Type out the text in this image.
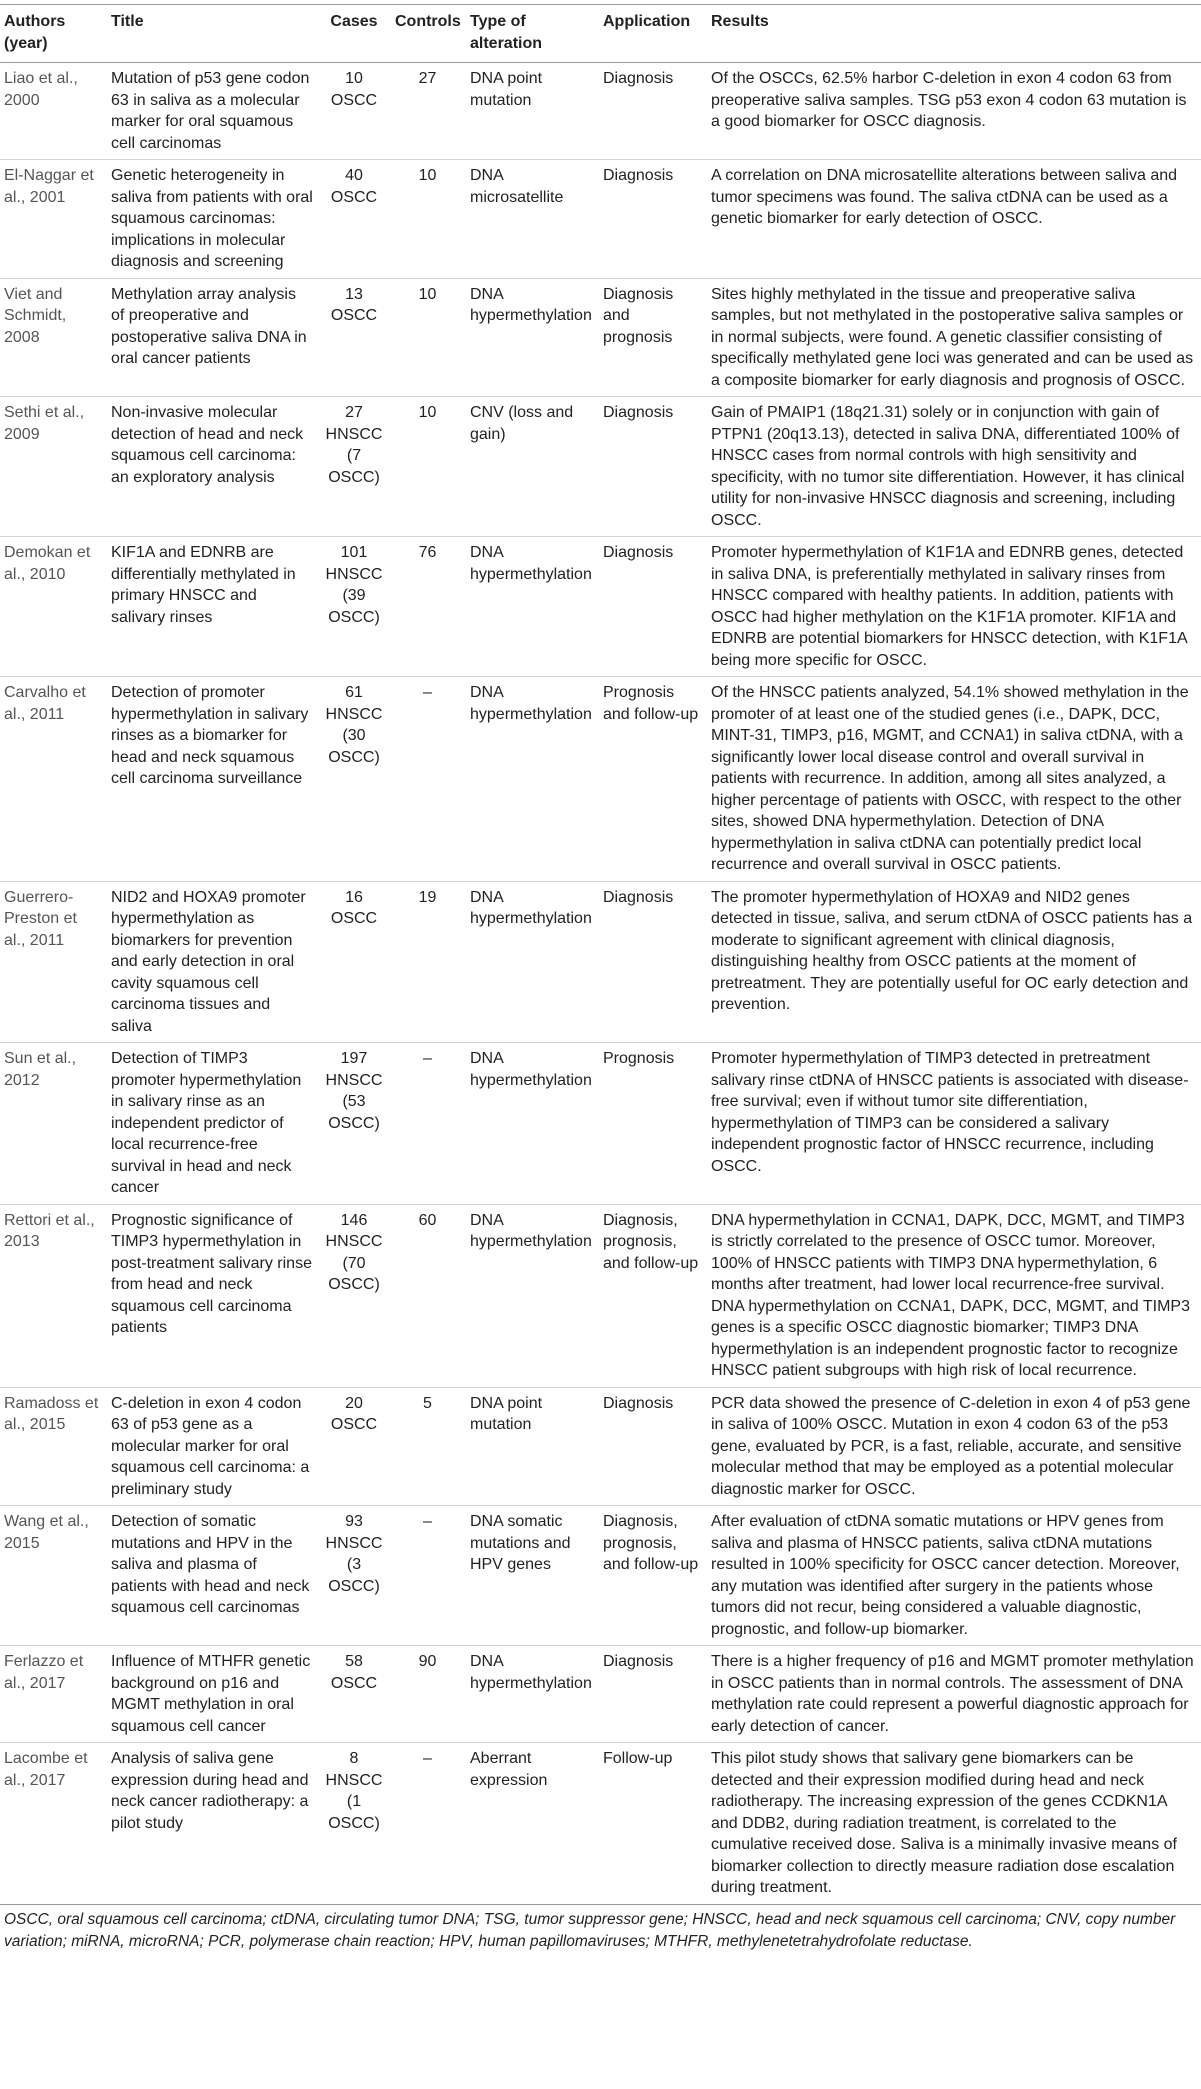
Authors (year)	Title	Cases	Controls	Type of alteration	Application	Results
Liao et al., 2000	Mutation of p53 gene codon 63 in saliva as a molecular marker for oral squamous cell carcinomas	10 OSCC	27	DNA point mutation	Diagnosis	Of the OSCCs, 62.5% harbor C-deletion in exon 4 codon 63 from preoperative saliva samples. TSG p53 exon 4 codon 63 mutation is a good biomarker for OSCC diagnosis.
El-Naggar et al., 2001	Genetic heterogeneity in saliva from patients with oral squamous carcinomas: implications in molecular diagnosis and screening	40 OSCC	10	DNA microsatellite	Diagnosis	A correlation on DNA microsatellite alterations between saliva and tumor specimens was found. The saliva ctDNA can be used as a genetic biomarker for early detection of OSCC.
Viet and Schmidt, 2008	Methylation array analysis of preoperative and postoperative saliva DNA in oral cancer patients	13 OSCC	10	DNA hypermethylation	Diagnosis and prognosis	Sites highly methylated in the tissue and preoperative saliva samples, but not methylated in the postoperative saliva samples or in normal subjects, were found. A genetic classifier consisting of specifically methylated gene loci was generated and can be used as a composite biomarker for early diagnosis and prognosis of OSCC.
Sethi et al., 2009	Non-invasive molecular detection of head and neck squamous cell carcinoma: an exploratory analysis	27 HNSCC (7 OSCC)	10	CNV (loss and gain)	Diagnosis	Gain of PMAIP1 (18q21.31) solely or in conjunction with gain of PTPN1 (20q13.13), detected in saliva DNA, differentiated 100% of HNSCC cases from normal controls with high sensitivity and specificity, with no tumor site differentiation. However, it has clinical utility for non-invasive HNSCC diagnosis and screening, including OSCC.
Demokan et al., 2010	KIF1A and EDNRB are differentially methylated in primary HNSCC and salivary rinses	101 HNSCC (39 OSCC)	76	DNA hypermethylation	Diagnosis	Promoter hypermethylation of K1F1A and EDNRB genes, detected in saliva DNA, is preferentially methylated in salivary rinses from HNSCC compared with healthy patients. In addition, patients with OSCC had higher methylation on the K1F1A promoter. KIF1A and EDNRB are potential biomarkers for HNSCC detection, with K1F1A being more specific for OSCC.
Carvalho et al., 2011	Detection of promoter hypermethylation in salivary rinses as a biomarker for head and neck squamous cell carcinoma surveillance	61 HNSCC (30 OSCC)	–	DNA hypermethylation	Prognosis and follow-up	Of the HNSCC patients analyzed, 54.1% showed methylation in the promoter of at least one of the studied genes (i.e., DAPK, DCC, MINT-31, TIMP3, p16, MGMT, and CCNA1) in saliva ctDNA, with a significantly lower local disease control and overall survival in patients with recurrence. In addition, among all sites analyzed, a higher percentage of patients with OSCC, with respect to the other sites, showed DNA hypermethylation. Detection of DNA hypermethylation in saliva ctDNA can potentially predict local recurrence and overall survival in OSCC patients.
Guerrero-Preston et al., 2011	NID2 and HOXA9 promoter hypermethylation as biomarkers for prevention and early detection in oral cavity squamous cell carcinoma tissues and saliva	16 OSCC	19	DNA hypermethylation	Diagnosis	The promoter hypermethylation of HOXA9 and NID2 genes detected in tissue, saliva, and serum ctDNA of OSCC patients has a moderate to significant agreement with clinical diagnosis, distinguishing healthy from OSCC patients at the moment of pretreatment. They are potentially useful for OC early detection and prevention.
Sun et al., 2012	Detection of TIMP3 promoter hypermethylation in salivary rinse as an independent predictor of local recurrence-free survival in head and neck cancer	197 HNSCC (53 OSCC)	–	DNA hypermethylation	Prognosis	Promoter hypermethylation of TIMP3 detected in pretreatment salivary rinse ctDNA of HNSCC patients is associated with disease-free survival; even if without tumor site differentiation, hypermethylation of TIMP3 can be considered a salivary independent prognostic factor of HNSCC recurrence, including OSCC.
Rettori et al., 2013	Prognostic significance of TIMP3 hypermethylation in post-treatment salivary rinse from head and neck squamous cell carcinoma patients	146 HNSCC (70 OSCC)	60	DNA hypermethylation	Diagnosis, prognosis, and follow-up	DNA hypermethylation in CCNA1, DAPK, DCC, MGMT, and TIMP3 is strictly correlated to the presence of OSCC tumor. Moreover, 100% of HNSCC patients with TIMP3 DNA hypermethylation, 6 months after treatment, had lower local recurrence-free survival. DNA hypermethylation on CCNA1, DAPK, DCC, MGMT, and TIMP3 genes is a specific OSCC diagnostic biomarker; TIMP3 DNA hypermethylation is an independent prognostic factor to recognize HNSCC patient subgroups with high risk of local recurrence.
Ramadoss et al., 2015	C-deletion in exon 4 codon 63 of p53 gene as a molecular marker for oral squamous cell carcinoma: a preliminary study	20 OSCC	5	DNA point mutation	Diagnosis	PCR data showed the presence of C-deletion in exon 4 of p53 gene in saliva of 100% OSCC. Mutation in exon 4 codon 63 of the p53 gene, evaluated by PCR, is a fast, reliable, accurate, and sensitive molecular method that may be employed as a potential molecular diagnostic marker for OSCC.
Wang et al., 2015	Detection of somatic mutations and HPV in the saliva and plasma of patients with head and neck squamous cell carcinomas	93 HNSCC (3 OSCC)	–	DNA somatic mutations and HPV genes	Diagnosis, prognosis, and follow-up	After evaluation of ctDNA somatic mutations or HPV genes from saliva and plasma of HNSCC patients, saliva ctDNA mutations resulted in 100% specificity for OSCC cancer detection. Moreover, any mutation was identified after surgery in the patients whose tumors did not recur, being considered a valuable diagnostic, prognostic, and follow-up biomarker.
Ferlazzo et al., 2017	Influence of MTHFR genetic background on p16 and MGMT methylation in oral squamous cell cancer	58 OSCC	90	DNA hypermethylation	Diagnosis	There is a higher frequency of p16 and MGMT promoter methylation in OSCC patients than in normal controls. The assessment of DNA methylation rate could represent a powerful diagnostic approach for early detection of cancer.
Lacombe et al., 2017	Analysis of saliva gene expression during head and neck cancer radiotherapy: a pilot study	8 HNSCC (1 OSCC)	–	Aberrant expression	Follow-up	This pilot study shows that salivary gene biomarkers can be detected and their expression modified during head and neck radiotherapy. The increasing expression of the genes CCDKN1A and DDB2, during radiation treatment, is correlated to the cumulative received dose. Saliva is a minimally invasive means of biomarker collection to directly measure radiation dose escalation during treatment.
OSCC, oral squamous cell carcinoma; ctDNA, circulating tumor DNA; TSG, tumor suppressor gene; HNSCC, head and neck squamous cell carcinoma; CNV, copy number variation; miRNA, microRNA; PCR, polymerase chain reaction; HPV, human papillomaviruses; MTHFR, methylenetetrahydrofolate reductase.
